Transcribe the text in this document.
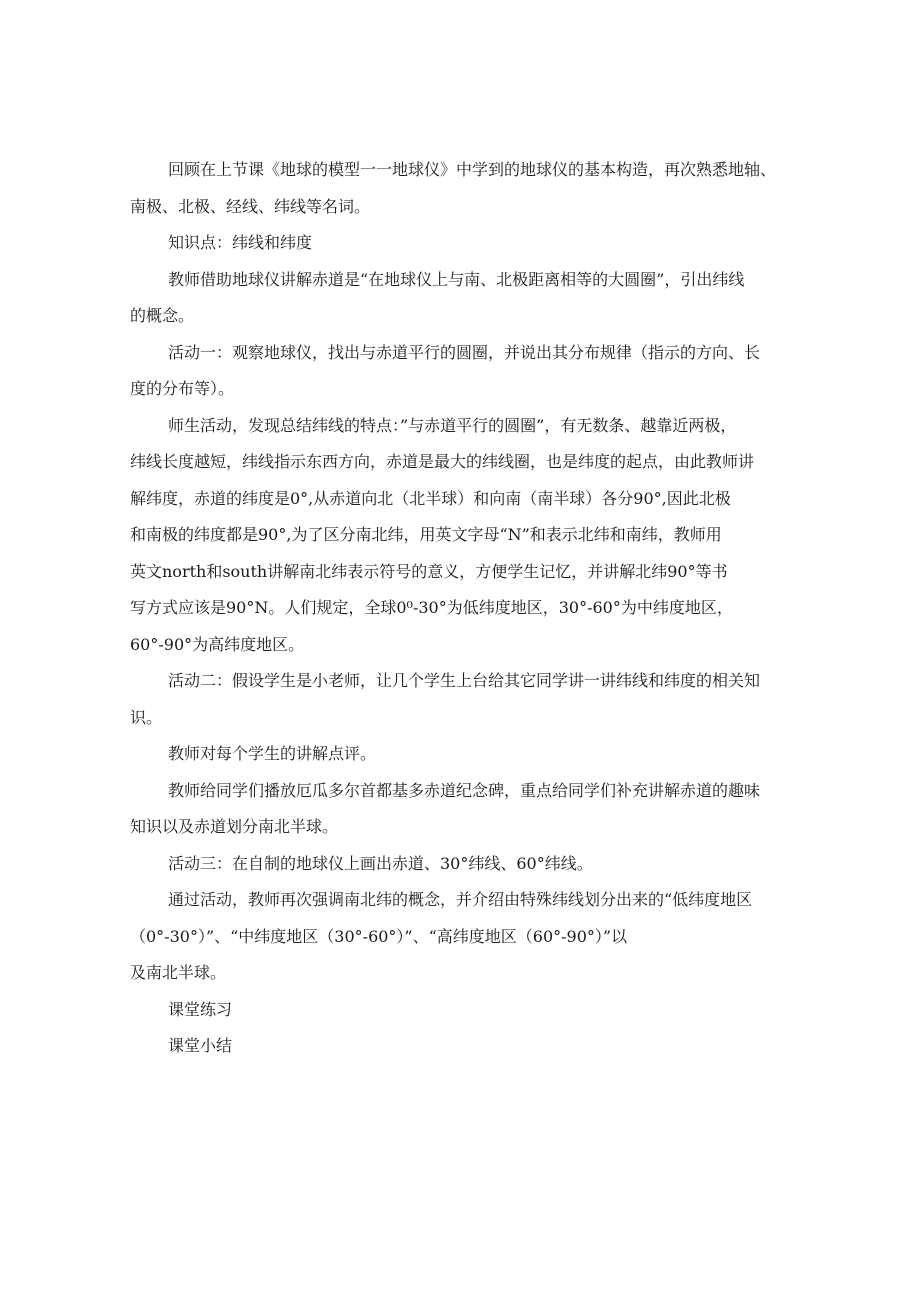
回顾在上节课《地球的模型一一地球仪》中学到的地球仪的基本构造，再次熟悉地轴、
南极、北极、经线、纬线等名词。
知识点：纬线和纬度
教师借助地球仪讲解赤道是“在地球仪上与南、北极距离相等的大圆圈”，引出纬线
的概念。
活动一：观察地球仪，找出与赤道平行的圆圈，并说出其分布规律（指示的方向、长
度的分布等）。
师生活动，发现总结纬线的特点：”与赤道平行的圆圈”，有无数条、越靠近两极，
纬线长度越短，纬线指示东西方向，赤道是最大的纬线圈，也是纬度的起点，由此教师讲
解纬度，赤道的纬度是0°,从赤道向北（北半球）和向南（南半球）各分90°,因此北极
和南极的纬度都是90°,为了区分南北纬，用英文字母“N”和表示北纬和南纬，教师用
英文north和south讲解南北纬表示符号的意义，方便学生记忆，并讲解北纬90°等书
写方式应该是90°N。人们规定，全球0⁰-30°为低纬度地区，30°-60°为中纬度地区，
60°-90°为高纬度地区。
活动二：假设学生是小老师，让几个学生上台给其它同学讲一讲纬线和纬度的相关知
识。
教师对每个学生的讲解点评。
教师给同学们播放厄瓜多尔首都基多赤道纪念碑，重点给同学们补充讲解赤道的趣味
知识以及赤道划分南北半球。
活动三：在自制的地球仪上画出赤道、30°纬线、60°纬线。
通过活动，教师再次强调南北纬的概念，并介绍由特殊纬线划分出来的“低纬度地区
（0°-30°）”、“中纬度地区（30°-60°）”、“高纬度地区（60°-90°）”以
及南北半球。
课堂练习
课堂小结
